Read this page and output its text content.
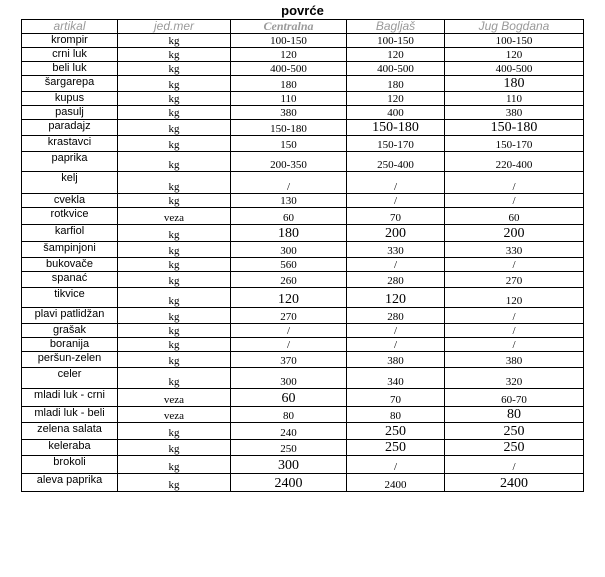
povrće
artikal	jed.mer	Centralna	Bagljaš	Jug Bogdana
krompir	kg	100-150	100-150	100-150
crni luk	kg	120	120	120
beli luk	kg	400-500	400-500	400-500
šargarepa	kg	180	180	180
kupus	kg	110	120	110
pasulj	kg	380	400	380
paradajz	kg	150-180	150-180	150-180
krastavci	kg	150	150-170	150-170
paprika	kg	200-350	250-400	220-400
kelj	kg	/	/	/
cvekla	kg	130	/	/
rotkvice	veza	60	70	60
karfiol	kg	180	200	200
šampinjoni	kg	300	330	330
bukovače	kg	560	/	/
spanać	kg	260	280	270
tikvice	kg	120	120	120
plavi patlidžan	kg	270	280	/
grašak	kg	/	/	/
boranija	kg	/	/	/
peršun-zelen	kg	370	380	380
celer	kg	300	340	320
mladi luk - crni	veza	60	70	60-70
mladi luk - beli	veza	80	80	80
zelena salata	kg	240	250	250
keleraba	kg	250	250	250
brokoli	kg	300	/	/
aleva paprika	kg	2400	2400	2400
